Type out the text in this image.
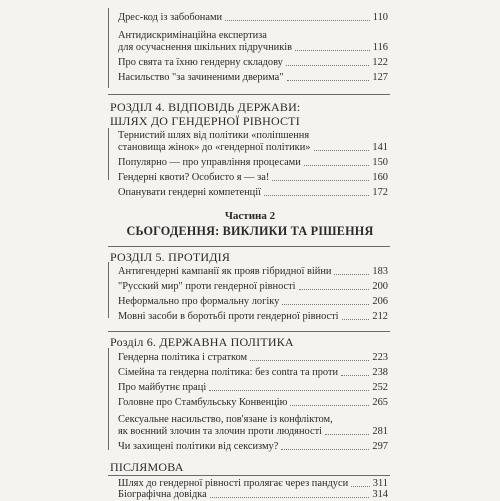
Дрес-код із забобонами	110
Антидискримінаційна експертиза
для осучаснення шкільних підручників	116
Про свята та їхню гендерну складову	122
Насильство "за зачиненими дверима"	127
РОЗДІЛ 4. ВІДПОВІДЬ ДЕРЖАВИ:
ШЛЯХ ДО ГЕНДЕРНОЇ РІВНОСТІ
Тернистий шлях від політики «поліпшення
становища жінок» до «гендерної політики»	141
Популярно — про управління процесами	150
Гендерні квоти? Особисто я — за!	160
Опанувати гендерні компетенції	172
Частина 2
СЬОГОДЕННЯ: ВИКЛИКИ ТА РІШЕННЯ
РОЗДІЛ 5. ПРОТИДІЯ
Антигендерні кампанії як прояв гібридної війни	183
"Русский мир" проти гендерної рівності	200
Неформально про формальну логіку	206
Мовні засоби в боротьбі проти гендерної рівності	212
Розділ 6. ДЕРЖАВНА ПОЛІТИКА
Гендерна політика і стратком	223
Сімейна та гендерна політика: без contra та проти	238
Про майбутнє праці	252
Головне про Стамбульську Конвенцію	265
Сексуальне насильство, пов'язане із конфліктом,
як воєнний злочин та злочин проти людяності	281
Чи захищені політики від сексизму?	297
ПІСЛЯМОВА
Шлях до гендерної рівності пролягає через пандуси 311
Біографічна довідка	314
